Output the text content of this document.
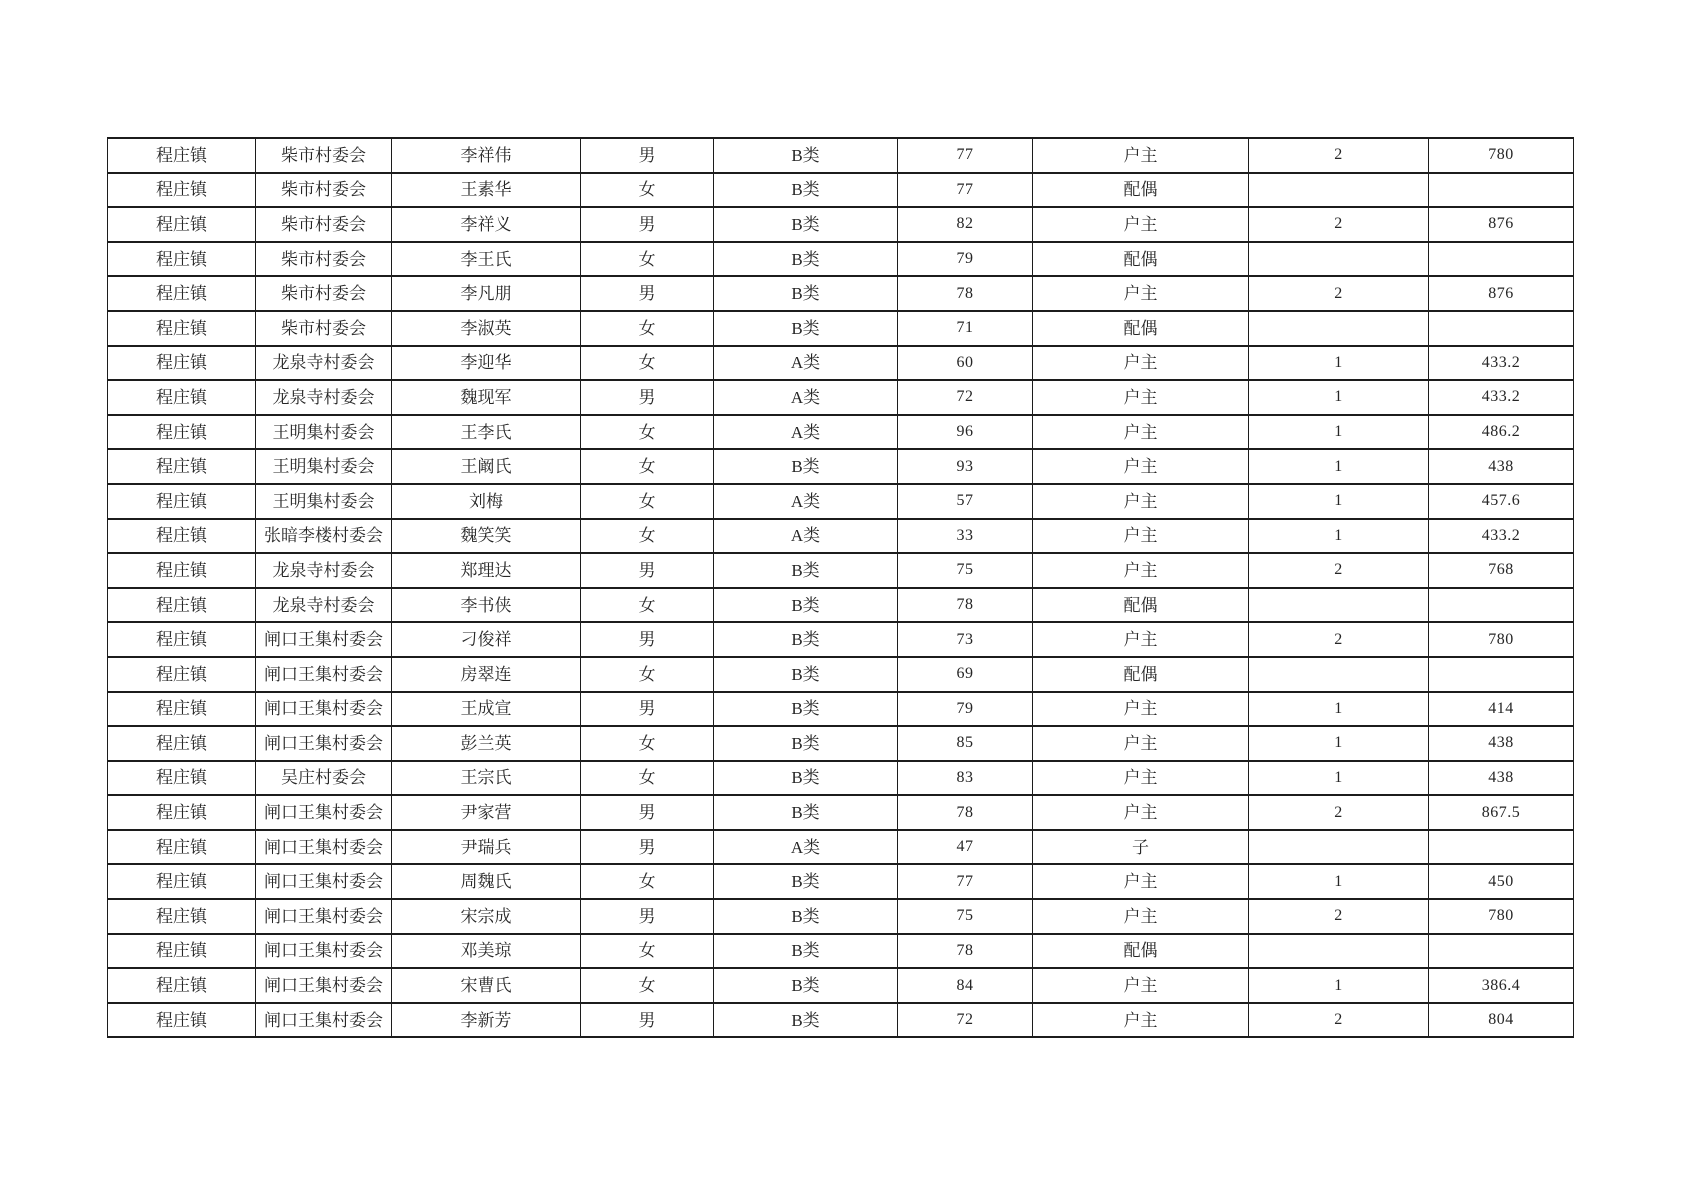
程庄镇	柴市村委会	李祥伟	男	B类	77	户主	2	780
程庄镇	柴市村委会	王素华	女	B类	77	配偶		
程庄镇	柴市村委会	李祥义	男	B类	82	户主	2	876
程庄镇	柴市村委会	李王氏	女	B类	79	配偶		
程庄镇	柴市村委会	李凡朋	男	B类	78	户主	2	876
程庄镇	柴市村委会	李淑英	女	B类	71	配偶		
程庄镇	龙泉寺村委会	李迎华	女	A类	60	户主	1	433.2
程庄镇	龙泉寺村委会	魏现军	男	A类	72	户主	1	433.2
程庄镇	王明集村委会	王李氏	女	A类	96	户主	1	486.2
程庄镇	王明集村委会	王阚氏	女	B类	93	户主	1	438
程庄镇	王明集村委会	刘梅	女	A类	57	户主	1	457.6
程庄镇	张暗李楼村委会	魏笑笑	女	A类	33	户主	1	433.2
程庄镇	龙泉寺村委会	郑理达	男	B类	75	户主	2	768
程庄镇	龙泉寺村委会	李书侠	女	B类	78	配偶		
程庄镇	闸口王集村委会	刁俊祥	男	B类	73	户主	2	780
程庄镇	闸口王集村委会	房翠连	女	B类	69	配偶		
程庄镇	闸口王集村委会	王成宣	男	B类	79	户主	1	414
程庄镇	闸口王集村委会	彭兰英	女	B类	85	户主	1	438
程庄镇	吴庄村委会	王宗氏	女	B类	83	户主	1	438
程庄镇	闸口王集村委会	尹家营	男	B类	78	户主	2	867.5
程庄镇	闸口王集村委会	尹瑞兵	男	A类	47	子		
程庄镇	闸口王集村委会	周魏氏	女	B类	77	户主	1	450
程庄镇	闸口王集村委会	宋宗成	男	B类	75	户主	2	780
程庄镇	闸口王集村委会	邓美琼	女	B类	78	配偶		
程庄镇	闸口王集村委会	宋曹氏	女	B类	84	户主	1	386.4
程庄镇	闸口王集村委会	李新芳	男	B类	72	户主	2	804
